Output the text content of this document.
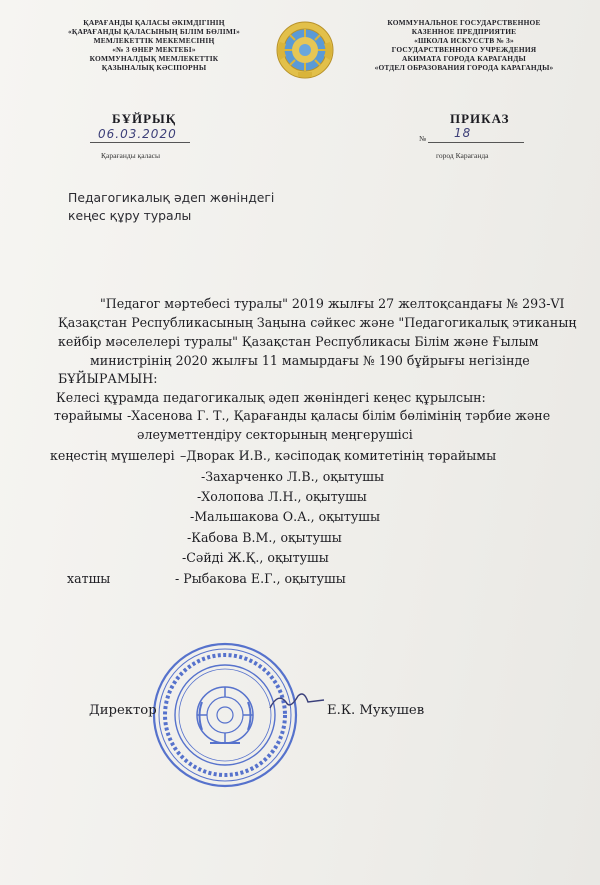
ҚАРАҒАНДЫ ҚАЛАСЫ ӘКІМДІГІНІҢ
«ҚАРАҒАНДЫ ҚАЛАСЫНЫҢ БІЛІМ БӨЛІМІ»
МЕМЛЕКЕТТІК МЕКЕМЕСІНІҢ
«№ 3 ӨНЕР МЕКТЕБІ»
КОММУНАЛДЫҚ МЕМЛЕКЕТТІК
ҚАЗЫНАЛЫҚ КӘСІПОРНЫ
КОММУНАЛЬНОЕ ГОСУДАРСТВЕННОЕ
КАЗЕННОЕ ПРЕДПРИЯТИЕ
«ШКОЛА ИСКУССТВ № 3»
ГОСУДАРСТВЕННОГО УЧРЕЖДЕНИЯ
АКИМАТА ГОРОДА КАРАГАНДЫ
«ОТДЕЛ ОБРАЗОВАНИЯ ГОРОДА КАРАГАНДЫ»
БҰЙРЫҚ	ПРИКАЗ
06.03.2020	№ 18
Қарағанды қаласы	город Караганда
Педагогикалық әдеп жөніндегі
кеңес құру туралы
"Педагог мәртебесі туралы" 2019 жылғы 27 желтоқсандағы № 293-VI
Қазақстан Республикасының Заңына сәйкес және "Педагогикалық этиканың
кейбір мәселелері туралы" Қазақстан Республикасы Білім және Ғылым
министрінің 2020 жылғы 11 мамырдағы № 190 бұйрығы негізінде
БҰЙЫРАМЫН:
Келесі құрамда педагогикалық әдеп жөніндегі кеңес құрылсын:
төрайымы -Хасенова Г. Т., Қарағанды қаласы білім бөлімінің тәрбие және
әлеуметтендіру секторының меңгерушісі
кеңестің мүшелері –Дворак И.В., кәсіподақ комитетінің төрайымы
-Захарченко Л.В., оқытушы
-Холопова Л.Н., оқытушы
-Мальшакова О.А., оқытушы
-Кабова В.М., оқытушы
-Сәйді Ж.Қ., оқытушы
хатшы	- Рыбакова Е.Г., оқытушы
Директор	Е.К. Мукушев
